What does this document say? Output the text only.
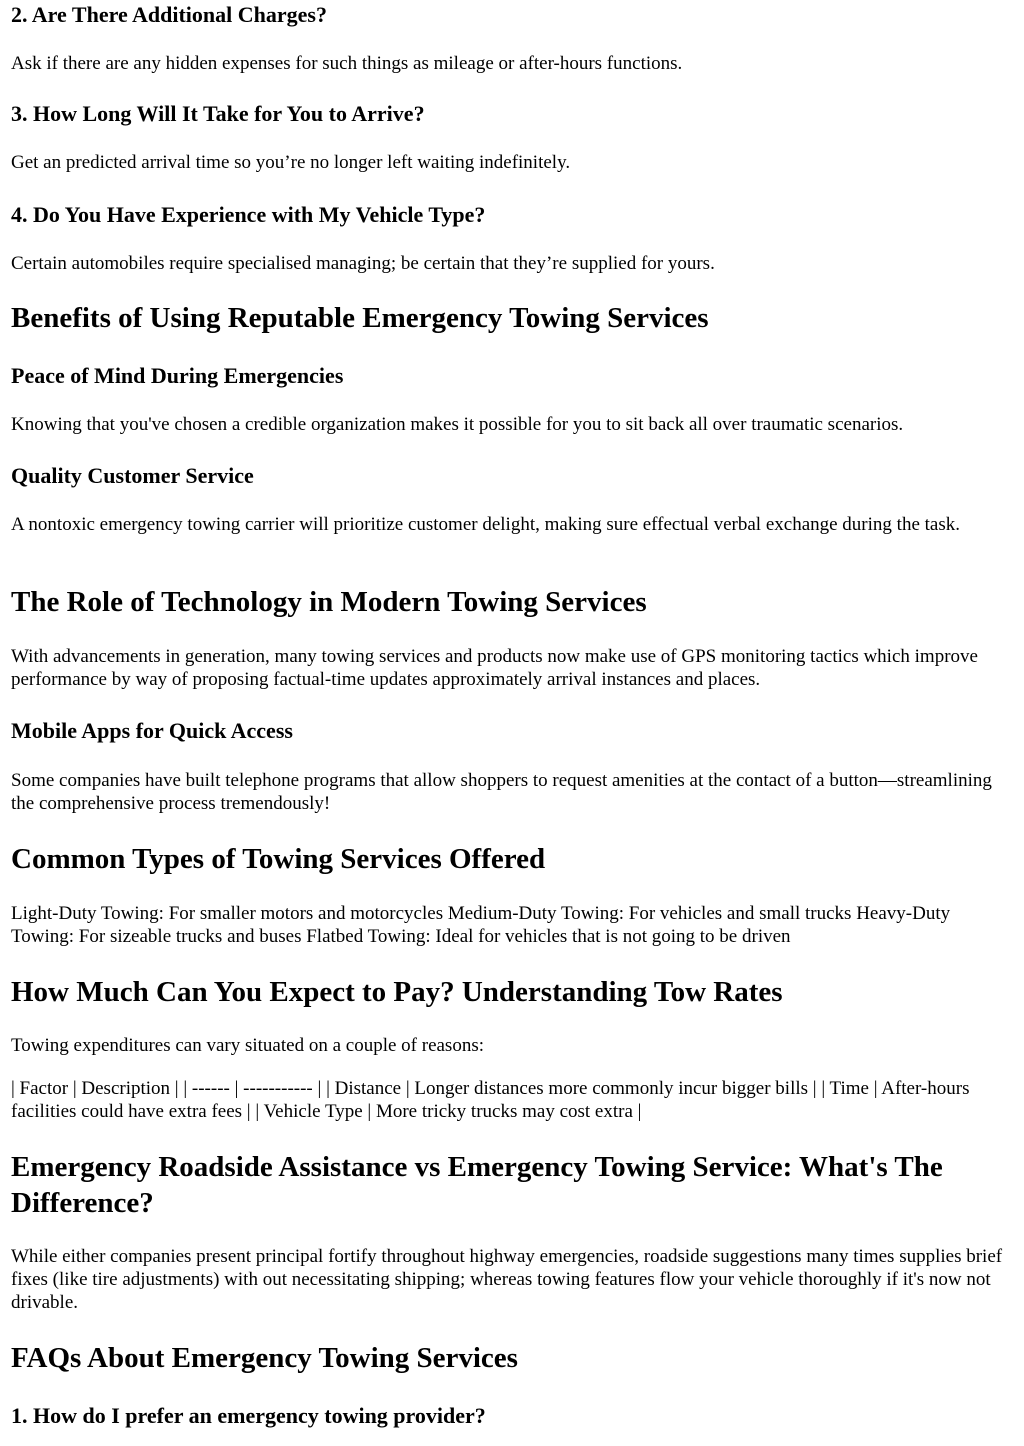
2. Are There Additional Charges?

Ask if there are any hidden expenses for such things as mileage or after-hours functions.

3. How Long Will It Take for You to Arrive?

Get an predicted arrival time so you’re no longer left waiting indefinitely.

4. Do You Have Experience with My Vehicle Type?

Certain automobiles require specialised managing; be certain that they’re supplied for yours.

Benefits of Using Reputable Emergency Towing Services
Peace of Mind During Emergencies

Knowing that you've chosen a credible organization makes it possible for you to sit back all over traumatic scenarios.

Quality Customer Service

A nontoxic emergency towing carrier will prioritize customer delight, making sure effectual verbal exchange during the task.

The Role of Technology in Modern Towing Services

With advancements in generation, many towing services and products now make use of GPS monitoring tactics which improve performance by way of proposing factual-time updates approximately arrival instances and places.

Mobile Apps for Quick Access

Some companies have built telephone programs that allow shoppers to request amenities at the contact of a button—streamlining the comprehensive process tremendously!

Common Types of Towing Services Offered

Light-Duty Towing: For smaller motors and motorcycles Medium-Duty Towing: For vehicles and small trucks Heavy-Duty Towing: For sizeable trucks and buses Flatbed Towing: Ideal for vehicles that is not going to be driven

How Much Can You Expect to Pay? Understanding Tow Rates

Towing expenditures can vary situated on a couple of reasons:

| Factor | Description | | ------ | ----------- | | Distance | Longer distances more commonly incur bigger bills | | Time | After-hours facilities could have extra fees | | Vehicle Type | More tricky trucks may cost extra |

Emergency Roadside Assistance vs Emergency Towing Service: What's The Difference?

While either companies present principal fortify throughout highway emergencies, roadside suggestions many times supplies brief fixes (like tire adjustments) with out necessitating shipping; whereas towing features flow your vehicle thoroughly if it's now not drivable.

FAQs About Emergency Towing Services
1. How do I prefer an emergency towing provider?
